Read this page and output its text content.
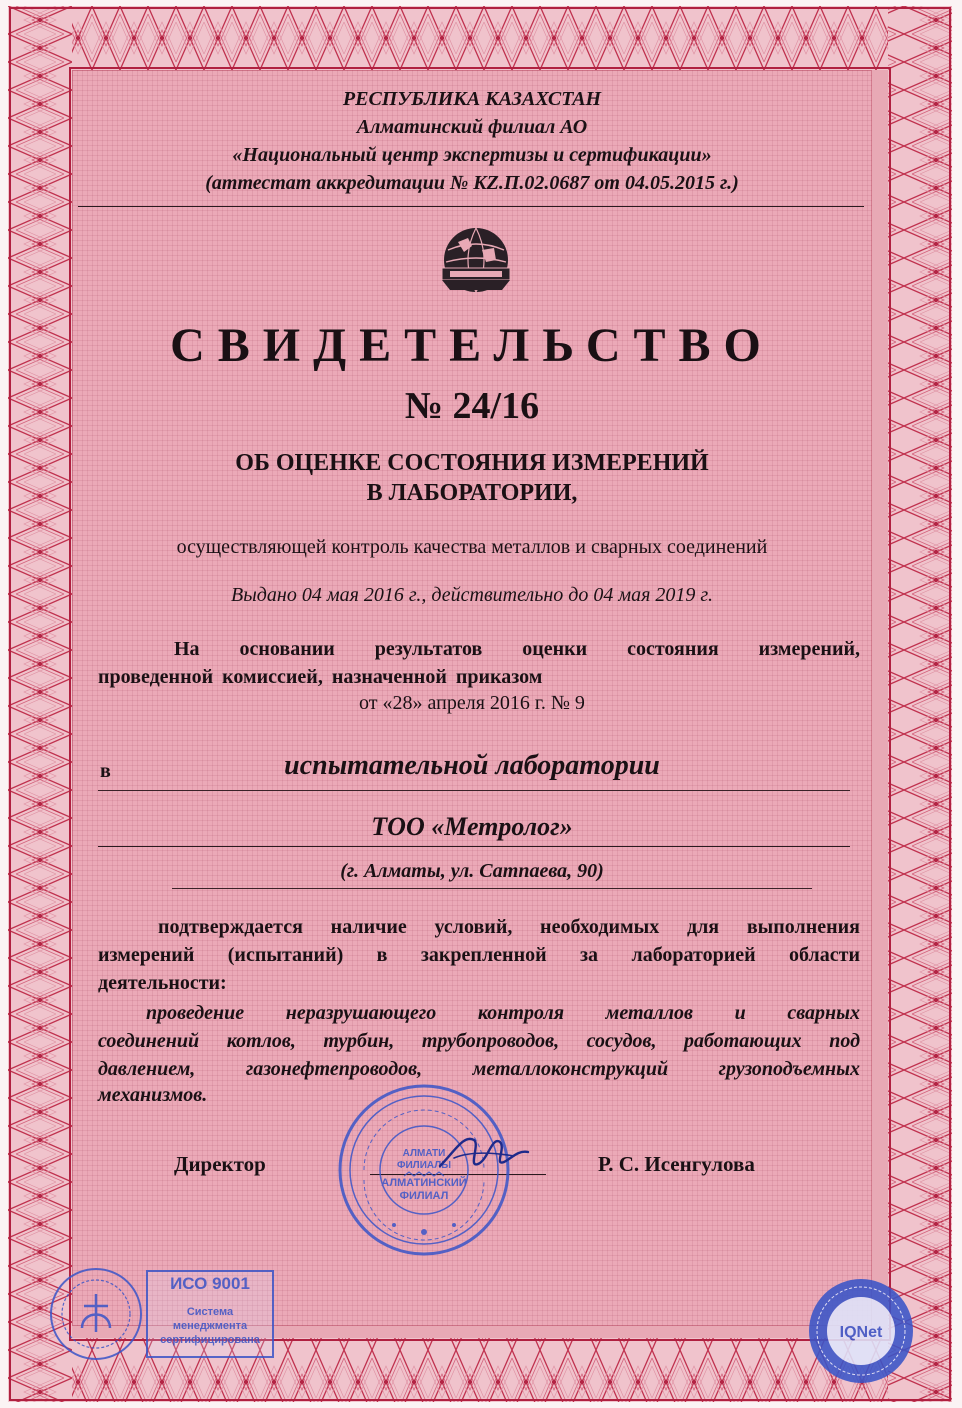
РЕСПУБЛИКА КАЗАХСТАН
Алматинский филиал АО
«Национальный центр экспертизы и сертификации»
(аттестат аккредитации № KZ.П.02.0687 от 04.05.2015 г.)
СВИДЕТЕЛЬСТВО
№ 24/16
ОБ ОЦЕНКЕ СОСТОЯНИЯ ИЗМЕРЕНИЙ
В ЛАБОРАТОРИИ,
осуществляющей контроль качества металлов и сварных соединений
Выдано 04 мая 2016 г., действительно до 04 мая 2019 г.
На основании результатов оценки состояния измерений,
проведенной комиссией, назначенной приказом
от «28» апреля 2016 г. № 9
в	испытательной лаборатории
ТОО «Метролог»
(г. Алматы, ул. Сатпаева, 90)
подтверждается наличие условий, необходимых для выполнения
измерений (испытаний) в закрепленной за лабораторией области
деятельности:
проведение неразрушающего контроля металлов и сварных
соединений котлов, турбин, трубопроводов, сосудов, работающих под
давлением, газонефтепроводов, металлоконструкций грузоподъемных
механизмов.
Директор	Р. С. Исенгулова
АЛМАТИ
ФИЛИАЛЫ
АЛМАТИНСКИЙ
ФИЛИАЛ
ИСО 9001
Система
менеджмента
сертифицирована	IQNet
